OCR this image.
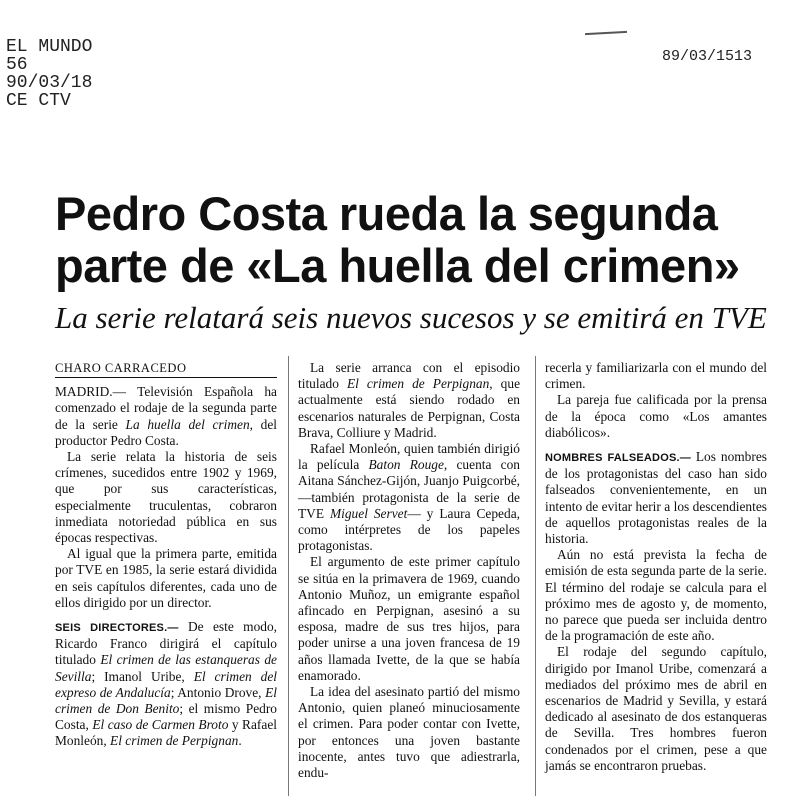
EL MUNDO
56
90/03/18
CE CTV
89/03/1513
Pedro Costa rueda la segunda
parte de «La huella del crimen»
La serie relatará seis nuevos sucesos y se emitirá en TVE
CHARO CARRACEDO

MADRID.— Televisión Española ha comenzado el rodaje de la segunda parte de la serie La huella del crimen, del productor Pedro Costa.

La serie relata la historia de seis crímenes, sucedidos entre 1902 y 1969, que por sus características, especialmente truculentas, cobraron inmediata notoriedad pública en sus épocas respectivas.

Al igual que la primera parte, emitida por TVE en 1985, la serie estará dividida en seis capítulos diferentes, cada uno de ellos dirigido por un director.

SEIS DIRECTORES.— De este modo, Ricardo Franco dirigirá el capítulo titulado El crimen de las estanqueras de Sevilla; Imanol Uribe, El crimen del expreso de Andalucía; Antonio Drove, El crimen de Don Benito; el mismo Pedro Costa, El caso de Carmen Broto y Rafael Monleón, El crimen de Perpignan.

La serie arranca con el episodio titulado El crimen de Perpignan, que actualmente está siendo rodado en escenarios naturales de Perpignan, Costa Brava, Colliure y Madrid.

Rafael Monleón, quien también dirigió la película Baton Rouge, cuenta con Aitana Sánchez-Gijón, Juanjo Puigcorbé, —también protagonista de la serie de TVE Miguel Servet— y Laura Cepeda, como intérpretes de los papeles protagonistas.

El argumento de este primer capítulo se sitúa en la primavera de 1969, cuando Antonio Muñoz, un emigrante español afincado en Perpignan, asesinó a su esposa, madre de sus tres hijos, para poder unirse a una joven francesa de 19 años llamada Ivette, de la que se había enamorado.

La idea del asesinato partió del mismo Antonio, quien planeó minuciosamente el crimen. Para poder contar con Ivette, por entonces una joven bastante inocente, antes tuvo que adiestrarla, endu-

recerla y familiarizarla con el mundo del crimen.

La pareja fue calificada por la prensa de la época como «Los amantes diabólicos».

NOMBRES FALSEADOS.— Los nombres de los protagonistas del caso han sido falseados convenientemente, en un intento de evitar herir a los descendientes de aquellos protagonistas reales de la historia.

Aún no está prevista la fecha de emisión de esta segunda parte de la serie. El término del rodaje se calcula para el próximo mes de agosto y, de momento, no parece que pueda ser incluida dentro de la programación de este año.

El rodaje del segundo capítulo, dirigido por Imanol Uribe, comenzará a mediados del próximo mes de abril en escenarios de Madrid y Sevilla, y estará dedicado al asesinato de dos estanqueras de Sevilla. Tres hombres fueron condenados por el crimen, pese a que jamás se encontraron pruebas.
